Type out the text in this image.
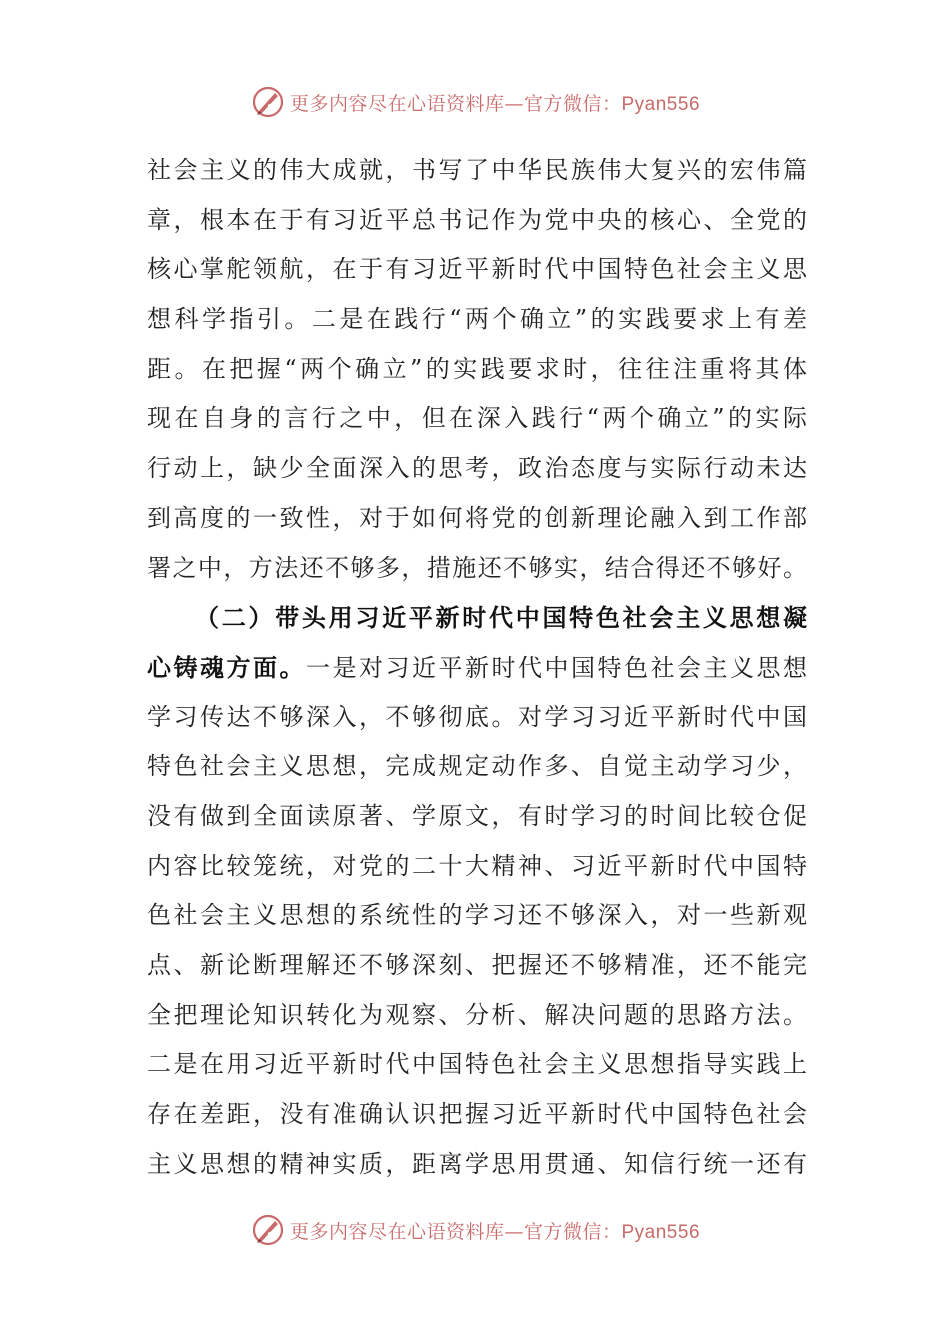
更多内容尽在心语资料库—官方微信：Pyan556
社会主义的伟大成就，书写了中华民族伟大复兴的宏伟篇
章，根本在于有习近平总书记作为党中央的核心、全党的
核心掌舵领航，在于有习近平新时代中国特色社会主义思
想科学指引。二是在践行“两个确立”的实践要求上有差
距。在把握“两个确立”的实践要求时，往往注重将其体
现在自身的言行之中，但在深入践行“两个确立”的实际
行动上，缺少全面深入的思考，政治态度与实际行动未达
到高度的一致性，对于如何将党的创新理论融入到工作部
署之中，方法还不够多，措施还不够实，结合得还不够好。
（二）带头用习近平新时代中国特色社会主义思想凝
心铸魂方面。一是对习近平新时代中国特色社会主义思想
学习传达不够深入，不够彻底。对学习习近平新时代中国
特色社会主义思想，完成规定动作多、自觉主动学习少，
没有做到全面读原著、学原文，有时学习的时间比较仓促
内容比较笼统，对党的二十大精神、习近平新时代中国特
色社会主义思想的系统性的学习还不够深入，对一些新观
点、新论断理解还不够深刻、把握还不够精准，还不能完
全把理论知识转化为观察、分析、解决问题的思路方法。
二是在用习近平新时代中国特色社会主义思想指导实践上
存在差距，没有准确认识把握习近平新时代中国特色社会
主义思想的精神实质，距离学思用贯通、知信行统一还有
更多内容尽在心语资料库—官方微信：Pyan556
